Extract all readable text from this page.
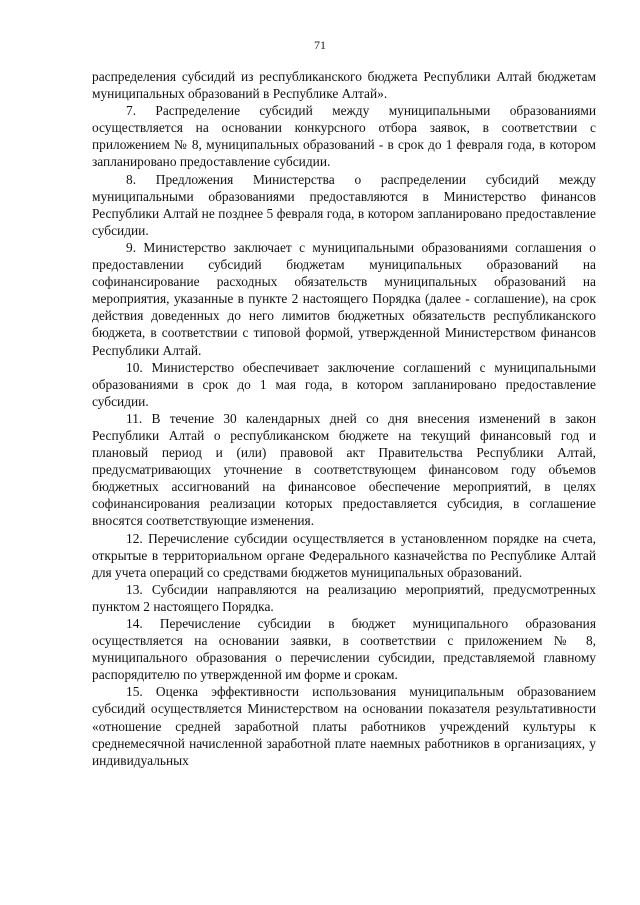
71

распределения субсидий из республиканского бюджета Республики Алтай бюджетам муниципальных образований в Республике Алтай».

7. Распределение субсидий между муниципальными образованиями осуществляется на основании конкурсного отбора заявок, в соответствии с приложением № 8, муниципальных образований - в срок до 1 февраля года, в котором запланировано предоставление субсидии.

8. Предложения Министерства о распределении субсидий между муниципальными образованиями предоставляются в Министерство финансов Республики Алтай не позднее 5 февраля года, в котором запланировано предоставление субсидии.

9. Министерство заключает с муниципальными образованиями соглашения о предоставлении субсидий бюджетам муниципальных образований на софинансирование расходных обязательств муниципальных образований на мероприятия, указанные в пункте 2 настоящего Порядка (далее - соглашение), на срок действия доведенных до него лимитов бюджетных обязательств республиканского бюджета, в соответствии с типовой формой, утвержденной Министерством финансов Республики Алтай.

10. Министерство обеспечивает заключение соглашений с муниципальными образованиями в срок до 1 мая года, в котором запланировано предоставление субсидии.

11. В течение 30 календарных дней со дня внесения изменений в закон Республики Алтай о республиканском бюджете на текущий финансовый год и плановый период и (или) правовой акт Правительства Республики Алтай, предусматривающих уточнение в соответствующем финансовом году объемов бюджетных ассигнований на финансовое обеспечение мероприятий, в целях софинансирования реализации которых предоставляется субсидия, в соглашение вносятся соответствующие изменения.

12. Перечисление субсидии осуществляется в установленном порядке на счета, открытые в территориальном органе Федерального казначейства по Республике Алтай для учета операций со средствами бюджетов муниципальных образований.

13. Субсидии направляются на реализацию мероприятий, предусмотренных пунктом 2 настоящего Порядка.

14. Перечисление субсидии в бюджет муниципального образования осуществляется на основании заявки, в соответствии с приложением № 8, муниципального образования о перечислении субсидии, представляемой главному распорядителю по утвержденной им форме и срокам.

15. Оценка эффективности использования муниципальным образованием субсидий осуществляется Министерством на основании показателя результативности «отношение средней заработной платы работников учреждений культуры к среднемесячной начисленной заработной плате наемных работников в организациях, у индивидуальных
